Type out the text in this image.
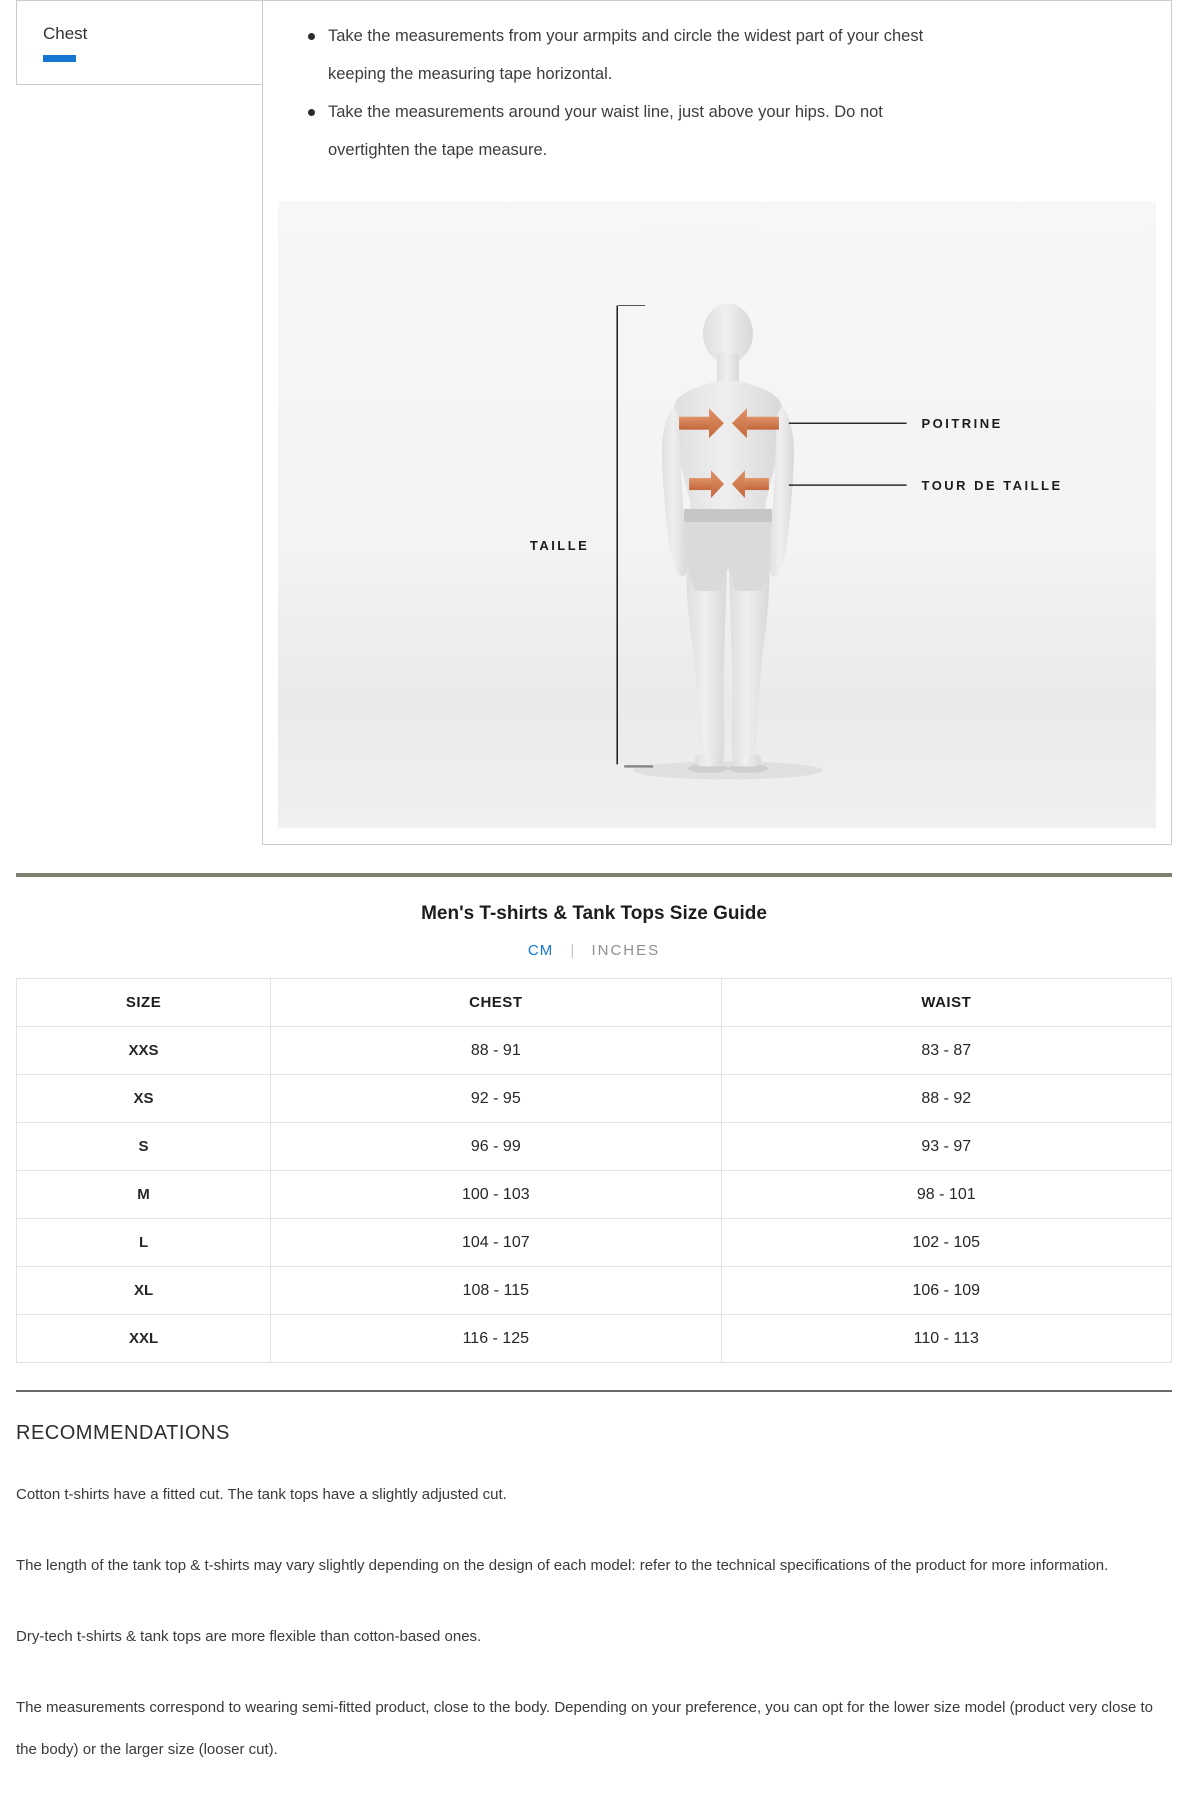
Chest	Take the measurements from your armpits and circle the widest part of your chest keeping the measuring tape horizontal.
Take the measurements around your waist line, just above your hips. Do not overtighten the tape measure.
TAILLE
POITRINE
TOUR DE TAILLE
Men's T-shirts & Tank Tops Size Guide
CM | INCHES
SIZE	CHEST	WAIST
XXS	88 - 91	83 - 87
XS	92 - 95	88 - 92
S	96 - 99	93 - 97
M	100 - 103	98 - 101
L	104 - 107	102 - 105
XL	108 - 115	106 - 109
XXL	116 - 125	110 - 113
RECOMMENDATIONS

Cotton t-shirts have a fitted cut. The tank tops have a slightly adjusted cut.

The length of the tank top & t-shirts may vary slightly depending on the design of each model: refer to the technical specifications of the product for more information.

Dry-tech t-shirts & tank tops are more flexible than cotton-based ones.

The measurements correspond to wearing semi-fitted product, close to the body. Depending on your preference, you can opt for the lower size model (product very close to the body) or the larger size (looser cut).
